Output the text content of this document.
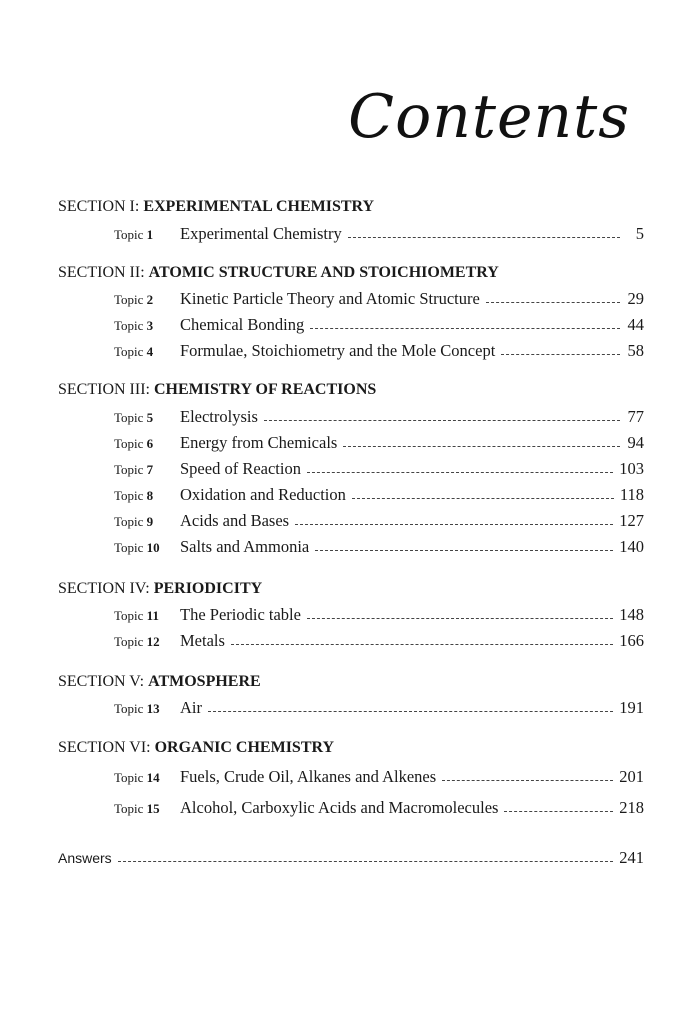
Contents
SECTION I: EXPERIMENTAL CHEMISTRY
Topic 1	Experimental Chemistry	5
SECTION II: ATOMIC STRUCTURE AND STOICHIOMETRY
Topic 2	Kinetic Particle Theory and Atomic Structure	29
Topic 3	Chemical Bonding	44
Topic 4	Formulae, Stoichiometry and the Mole Concept	58
SECTION III: CHEMISTRY OF REACTIONS
Topic 5	Electrolysis	77
Topic 6	Energy from Chemicals	94
Topic 7	Speed of Reaction	103
Topic 8	Oxidation and Reduction	118
Topic 9	Acids and Bases	127
Topic 10	Salts and Ammonia	140
SECTION IV: PERIODICITY
Topic 11	The Periodic table	148
Topic 12	Metals	166
SECTION V: ATMOSPHERE
Topic 13	Air	191
SECTION VI: ORGANIC CHEMISTRY
Topic 14	Fuels, Crude Oil, Alkanes and Alkenes	201
Topic 15	Alcohol, Carboxylic Acids and Macromolecules	218
Answers	241
